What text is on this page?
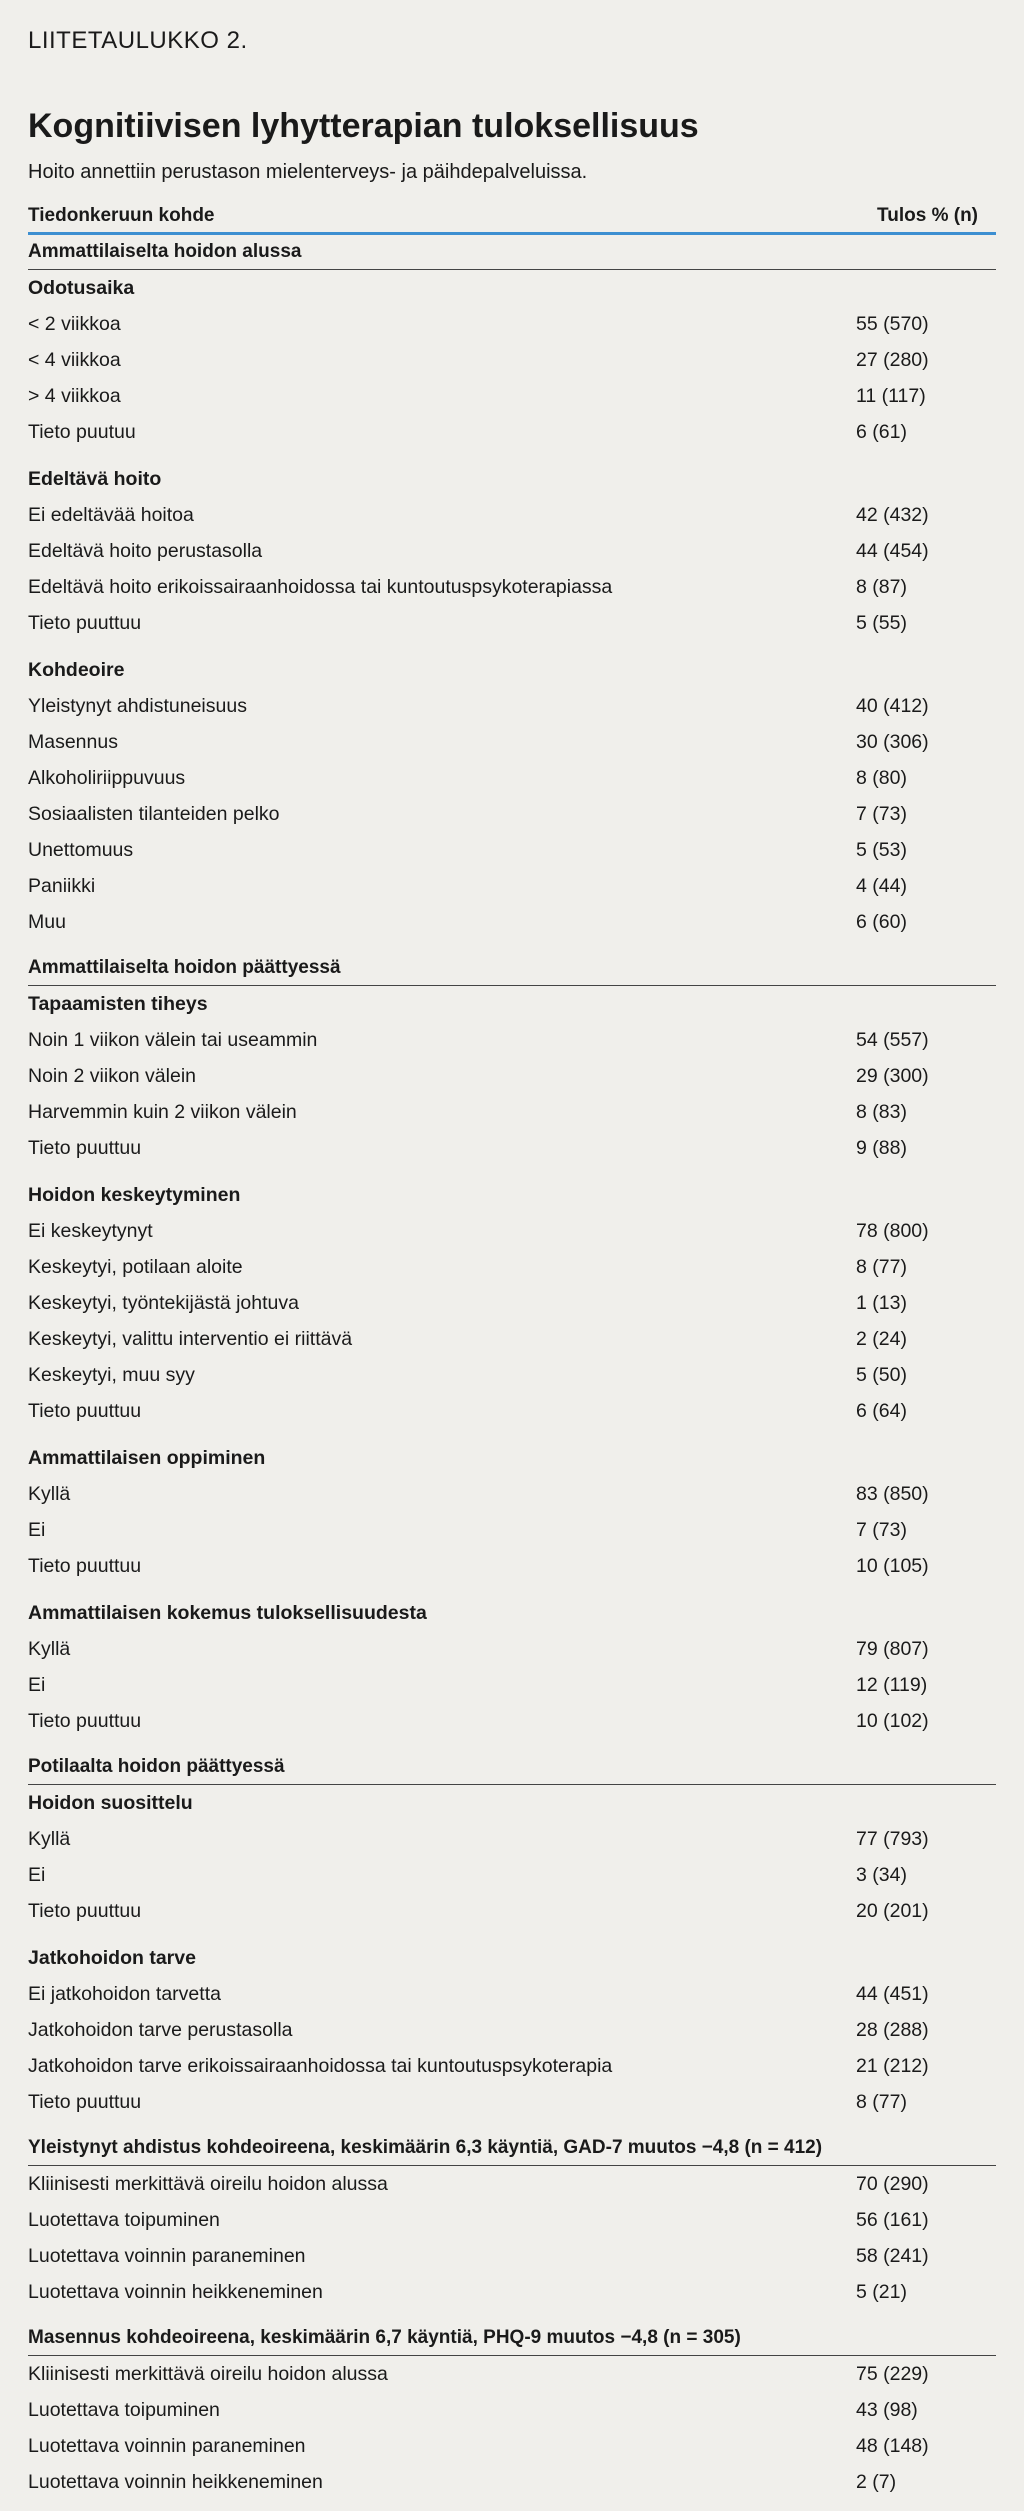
LIITETAULUKKO 2.

Kognitiivisen lyhytterapian tuloksellisuus

Hoito annettiin perustason mielenterveys- ja päihdepalveluissa.

Tiedonkeruun kohde	Tulos % (n)
Ammattilaiselta hoidon alussa
Odotusaika
< 2 viikkoa	55 (570)
< 4 viikkoa	27 (280)
> 4 viikkoa	11 (117)
Tieto puutuu	6 (61)
Edeltävä hoito
Ei edeltävää hoitoa	42 (432)
Edeltävä hoito perustasolla	44 (454)
Edeltävä hoito erikoissairaanhoidossa tai kuntoutuspsykoterapiassa	8 (87)
Tieto puuttuu	5 (55)
Kohdeoire
Yleistynyt ahdistuneisuus	40 (412)
Masennus	30 (306)
Alkoholiriippuvuus	8 (80)
Sosiaalisten tilanteiden pelko	7 (73)
Unettomuus	5 (53)
Paniikki	4 (44)
Muu	6 (60)
Ammattilaiselta hoidon päättyessä
Tapaamisten tiheys
Noin 1 viikon välein tai useammin	54 (557)
Noin 2 viikon välein	29 (300)
Harvemmin kuin 2 viikon välein	8 (83)
Tieto puuttuu	9 (88)
Hoidon keskeytyminen
Ei keskeytynyt	78 (800)
Keskeytyi, potilaan aloite	8 (77)
Keskeytyi, työntekijästä johtuva	1 (13)
Keskeytyi, valittu interventio ei riittävä	2 (24)
Keskeytyi, muu syy	5 (50)
Tieto puuttuu	6 (64)
Ammattilaisen oppiminen
Kyllä	83 (850)
Ei	7 (73)
Tieto puuttuu	10 (105)
Ammattilaisen kokemus tuloksellisuudesta
Kyllä	79 (807)
Ei	12 (119)
Tieto puuttuu	10 (102)
Potilaalta hoidon päättyessä
Hoidon suosittelu
Kyllä	77 (793)
Ei	3 (34)
Tieto puuttuu	20 (201)
Jatkohoidon tarve
Ei jatkohoidon tarvetta	44 (451)
Jatkohoidon tarve perustasolla	28 (288)
Jatkohoidon tarve erikoissairaanhoidossa tai kuntoutuspsykoterapia	21 (212)
Tieto puuttuu	8 (77)
Yleistynyt ahdistus kohdeoireena, keskimäärin 6,3 käyntiä, GAD-7 muutos −4,8 (n = 412)
Kliinisesti merkittävä oireilu hoidon alussa	70 (290)
Luotettava toipuminen	56 (161)
Luotettava voinnin paraneminen	58 (241)
Luotettava voinnin heikkeneminen	5 (21)
Masennus kohdeoireena, keskimäärin 6,7 käyntiä, PHQ-9 muutos −4,8 (n = 305)
Kliinisesti merkittävä oireilu hoidon alussa	75 (229)
Luotettava toipuminen	43 (98)
Luotettava voinnin paraneminen	48 (148)
Luotettava voinnin heikkeneminen	2 (7)
